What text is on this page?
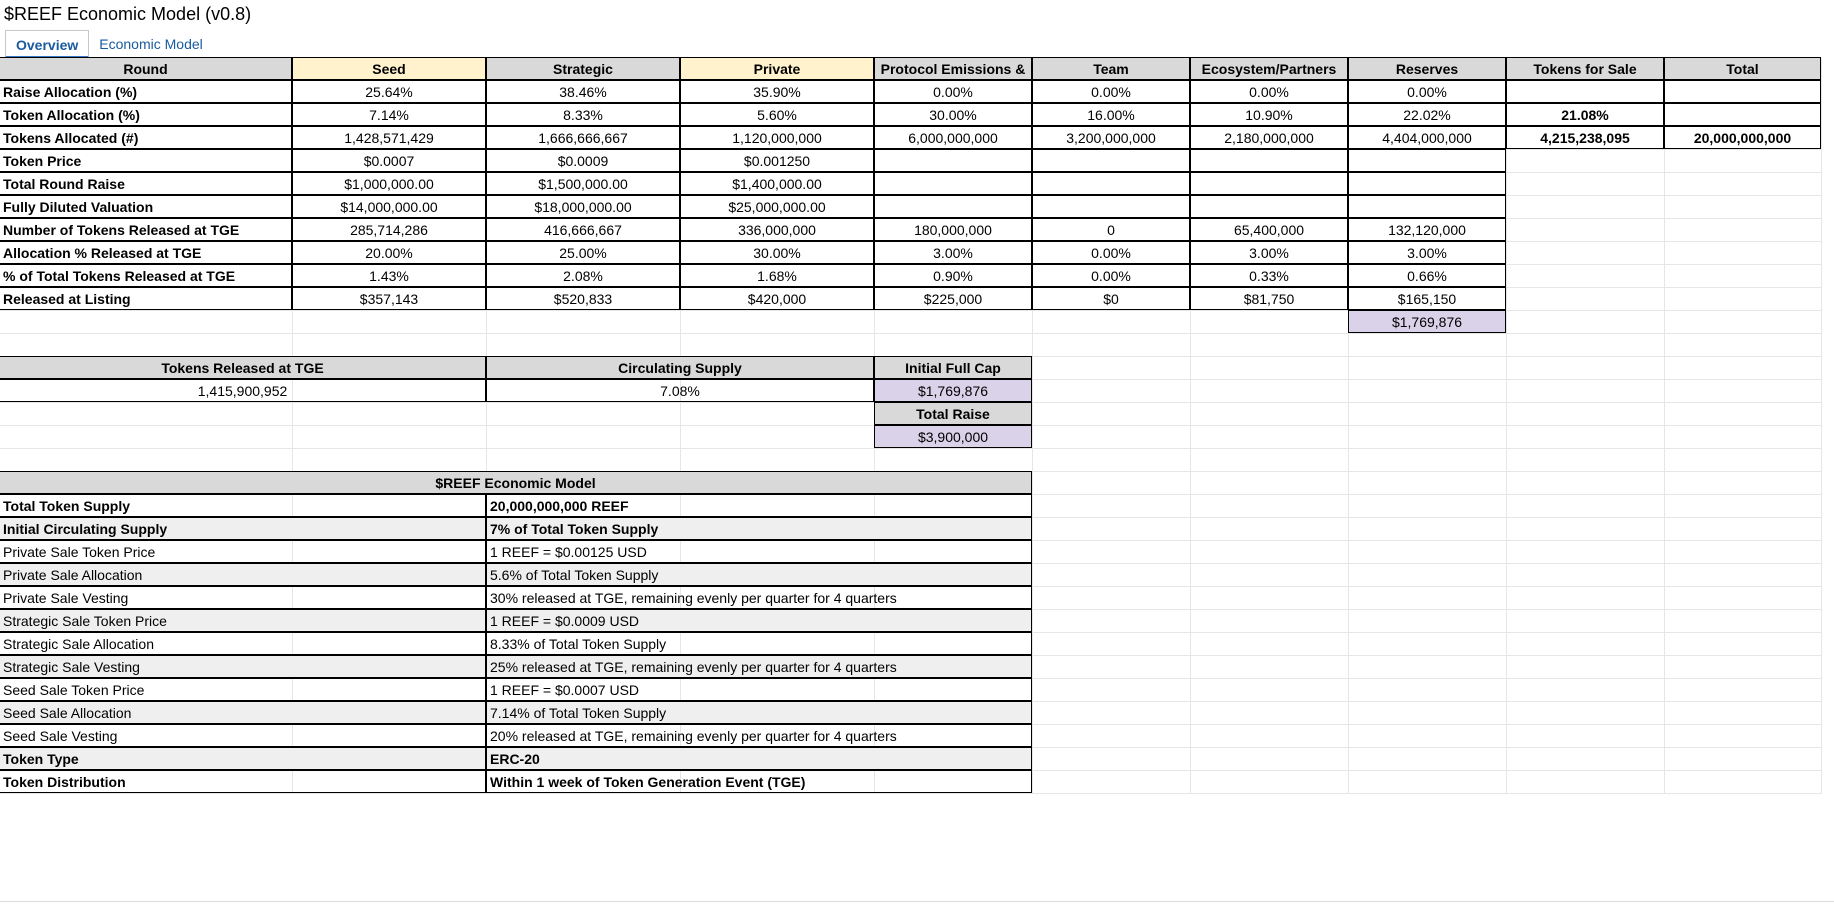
$REEF Economic Model (v0.8)
Overview	Economic Model
Round	Seed	Strategic	Private	Protocol Emissions &	Team	Ecosystem/Partners	Reserves	Tokens for Sale	Total
Raise Allocation (%)	25.64%	38.46%	35.90%	0.00%	0.00%	0.00%	0.00%
Token Allocation (%)	7.14%	8.33%	5.60%	30.00%	16.00%	10.90%	22.02%	21.08%
Tokens Allocated (#)	1,428,571,429	1,666,666,667	1,120,000,000	6,000,000,000	3,200,000,000	2,180,000,000	4,404,000,000	4,215,238,095	20,000,000,000
Token Price	$0.0007	$0.0009	$0.001250
Total Round Raise	$1,000,000.00	$1,500,000.00	$1,400,000.00
Fully Diluted Valuation	$14,000,000.00	$18,000,000.00	$25,000,000.00
Number of Tokens Released at TGE	285,714,286	416,666,667	336,000,000	180,000,000	0	65,400,000	132,120,000
Allocation % Released at TGE	20.00%	25.00%	30.00%	3.00%	0.00%	3.00%	3.00%
% of Total Tokens Released at TGE	1.43%	2.08%	1.68%	0.90%	0.00%	0.33%	0.66%
Released at Listing	$357,143	$520,833	$420,000	$225,000	$0	$81,750	$165,150
$1,769,876
Tokens Released at TGE	Circulating Supply	Initial Full Cap
1,415,900,952	7.08%	$1,769,876
Total Raise
$3,900,000
$REEF Economic Model
Total Token Supply	20,000,000,000 REEF
Initial Circulating Supply	7% of Total Token Supply
Private Sale Token Price	1 REEF = $0.00125 USD
Private Sale Allocation	5.6% of Total Token Supply
Private Sale Vesting	30% released at TGE, remaining evenly per quarter for 4 quarters
Strategic Sale Token Price	1 REEF = $0.0009 USD
Strategic Sale Allocation	8.33% of Total Token Supply
Strategic Sale Vesting	25% released at TGE, remaining evenly per quarter for 4 quarters
Seed Sale Token Price	1 REEF = $0.0007 USD
Seed Sale Allocation	7.14% of Total Token Supply
Seed Sale Vesting	20% released at TGE, remaining evenly per quarter for 4 quarters
Token Type	ERC-20
Token Distribution	Within 1 week of Token Generation Event (TGE)
